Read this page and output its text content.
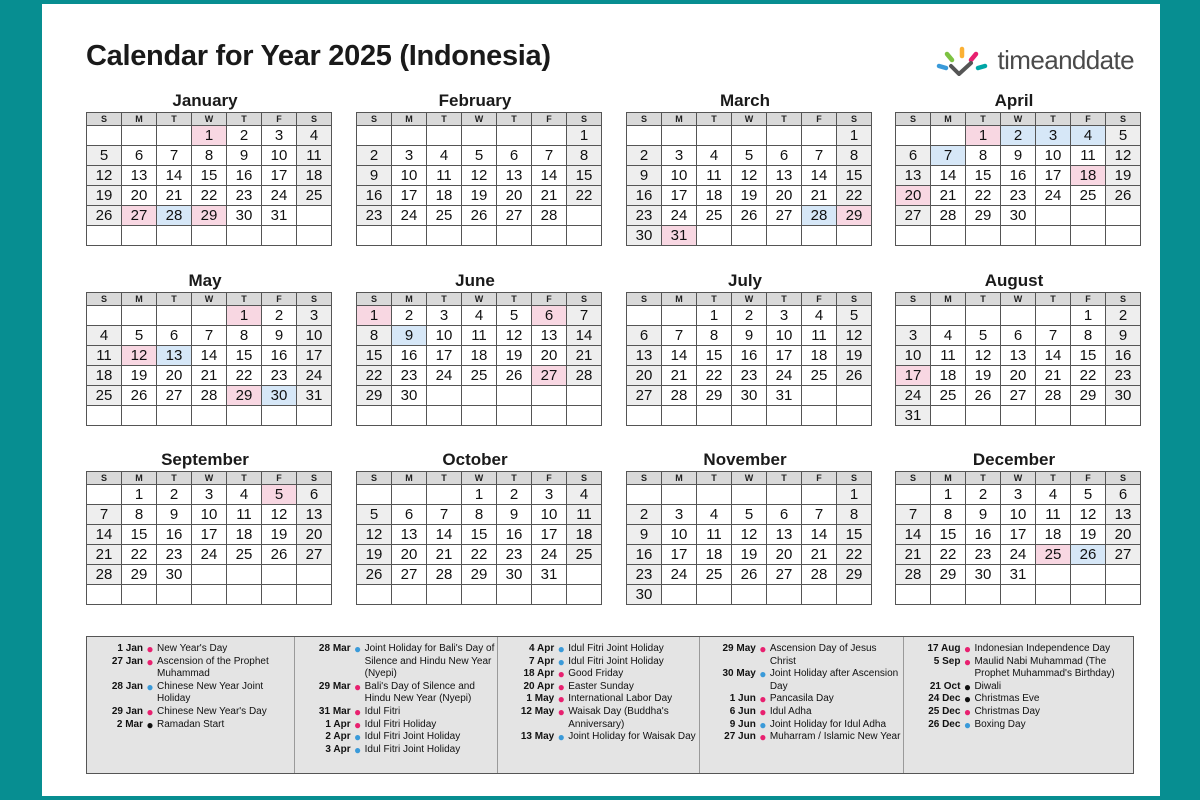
Calendar for Year 2025 (Indonesia)	timeanddate
January
S	M	T	W	T	F	S
			1	2	3	4
5	6	7	8	9	10	11
12	13	14	15	16	17	18
19	20	21	22	23	24	25
26	27	28	29	30	31	

February
S	M	T	W	T	F	S
						1
2	3	4	5	6	7	8
9	10	11	12	13	14	15
16	17	18	19	20	21	22
23	24	25	26	27	28	

March
S	M	T	W	T	F	S
						1
2	3	4	5	6	7	8
9	10	11	12	13	14	15
16	17	18	19	20	21	22
23	24	25	26	27	28	29
30	31					
April
S	M	T	W	T	F	S
		1	2	3	4	5
6	7	8	9	10	11	12
13	14	15	16	17	18	19
20	21	22	23	24	25	26
27	28	29	30			

May
S	M	T	W	T	F	S
				1	2	3
4	5	6	7	8	9	10
11	12	13	14	15	16	17
18	19	20	21	22	23	24
25	26	27	28	29	30	31

June
S	M	T	W	T	F	S
1	2	3	4	5	6	7
8	9	10	11	12	13	14
15	16	17	18	19	20	21
22	23	24	25	26	27	28
29	30					

July
S	M	T	W	T	F	S
		1	2	3	4	5
6	7	8	9	10	11	12
13	14	15	16	17	18	19
20	21	22	23	24	25	26
27	28	29	30	31		

August
S	M	T	W	T	F	S
					1	2
3	4	5	6	7	8	9
10	11	12	13	14	15	16
17	18	19	20	21	22	23
24	25	26	27	28	29	30
31						
September
S	M	T	W	T	F	S
	1	2	3	4	5	6
7	8	9	10	11	12	13
14	15	16	17	18	19	20
21	22	23	24	25	26	27
28	29	30				

October
S	M	T	W	T	F	S
			1	2	3	4
5	6	7	8	9	10	11
12	13	14	15	16	17	18
19	20	21	22	23	24	25
26	27	28	29	30	31	

November
S	M	T	W	T	F	S
						1
2	3	4	5	6	7	8
9	10	11	12	13	14	15
16	17	18	19	20	21	22
23	24	25	26	27	28	29
30						
December
S	M	T	W	T	F	S
	1	2	3	4	5	6
7	8	9	10	11	12	13
14	15	16	17	18	19	20
21	22	23	24	25	26	27
28	29	30	31			

1 Jan ● New Year's Day
27 Jan ● Ascension of the Prophet Muhammad
28 Jan ● Chinese New Year Joint Holiday
29 Jan ● Chinese New Year's Day
2 Mar ● Ramadan Start
28 Mar ● Joint Holiday for Bali's Day of Silence and Hindu New Year (Nyepi)
29 Mar ● Bali's Day of Silence and Hindu New Year (Nyepi)
31 Mar ● Idul Fitri
1 Apr ● Idul Fitri Holiday
2 Apr ● Idul Fitri Joint Holiday
3 Apr ● Idul Fitri Joint Holiday
4 Apr ● Idul Fitri Joint Holiday
7 Apr ● Idul Fitri Joint Holiday
18 Apr ● Good Friday
20 Apr ● Easter Sunday
1 May ● International Labor Day
12 May ● Waisak Day (Buddha's Anniversary)
13 May ● Joint Holiday for Waisak Day
29 May ● Ascension Day of Jesus Christ
30 May ● Joint Holiday after Ascension Day
1 Jun ● Pancasila Day
6 Jun ● Idul Adha
9 Jun ● Joint Holiday for Idul Adha
27 Jun ● Muharram / Islamic New Year
17 Aug ● Indonesian Independence Day
5 Sep ● Maulid Nabi Muhammad (The Prophet Muhammad's Birthday)
21 Oct ● Diwali
24 Dec ● Christmas Eve
25 Dec ● Christmas Day
26 Dec ● Boxing Day
